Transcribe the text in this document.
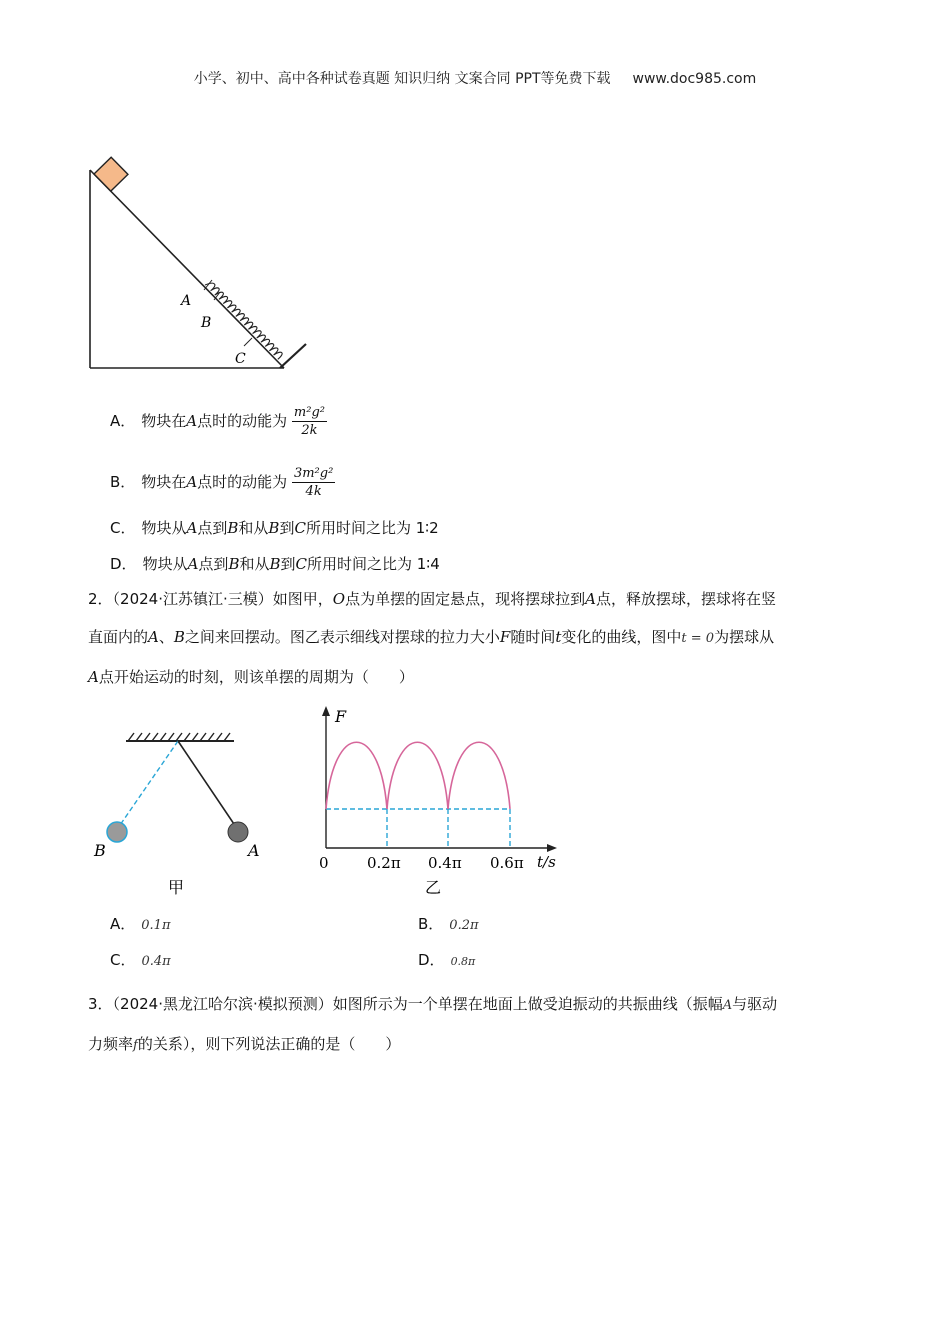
小学、初中、高中各种试卷真题 知识归纳 文案合同 PPT等免费下载 www.doc985.com
A
B
C
A． 物块在A点时的动能为 $\frac{\text{m²g²}}{2k}$
B． 物块在A点时的动能为 $\frac{\text{3m²g²}}{4k}$
C． 物块从A点到B和从B到C所用时间之比为 1∶2
D． 物块从A点到B和从B到C所用时间之比为 1∶4
2．（2024·江苏镇江·三模）如图甲，O点为单摆的固定悬点，现将摆球拉到A点，释放摆球，摆球将在竖
直面内的A、B之间来回摆动。图乙表示细线对摆球的拉力大小F随时间t变化的曲线，图中t = 0为摆球从
A点开始运动的时刻，则该单摆的周期为（　　）
B	A
甲
F
t/s
0	0.2π 0.4π 0.6π
乙
A． 0.1π	B． 0.2π
C． 0.4π	D． 0.8π
3．（2024·黑龙江哈尔滨·模拟预测）如图所示为一个单摆在地面上做受迫振动的共振曲线（振幅A与驱动
力频率f的关系），则下列说法正确的是（　　）
